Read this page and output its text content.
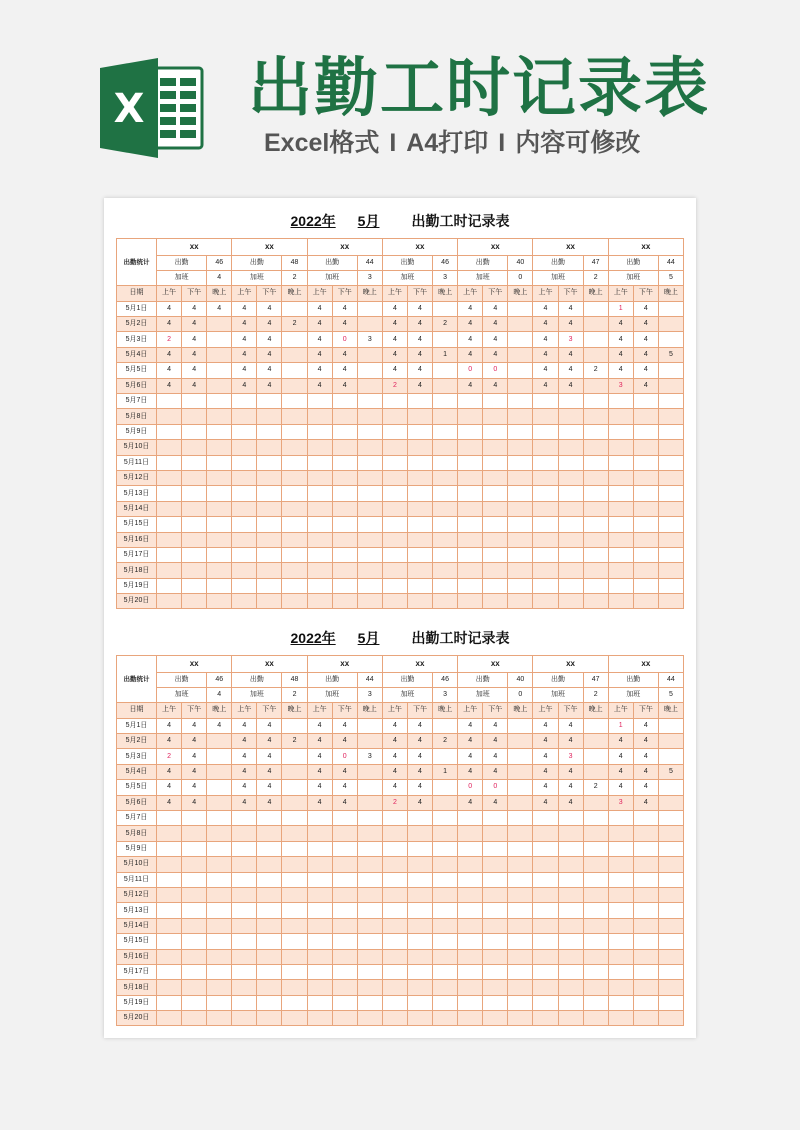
X 出勤工时记录表
Excel格式 I A4打印 I 内容可修改
2022年 5月 出勤工时记录表
出勤统计	xx			xx			xx			xx			xx			xx			xx		
	出勤		46	出勤		48	出勤		44	出勤		46	出勤		40	出勤		47	出勤		44
	加班		4	加班		2	加班		3	加班		3	加班		0	加班		2	加班		5
日期	上午	下午	晚上	上午	下午	晚上	上午	下午	晚上	上午	下午	晚上	上午	下午	晚上	上午	下午	晚上	上午	下午	晚上
5月1日	4	4	4	4	4		4	4		4	4		4	4		4	4		1	4	
5月2日	4	4		4	4	2	4	4		4	4	2	4	4		4	4		4	4	
5月3日	2	4		4	4		4	0	3	4	4		4	4		4	3		4	4	
5月4日	4	4		4	4		4	4		4	4	1	4	4		4	4		4	4	5
5月5日	4	4		4	4		4	4		4	4		0	0		4	4	2	4	4	
5月6日	4	4		4	4		4	4		2	4		4	4		4	4		3	4	
5月7日																					
5月8日																					
5月9日																					
5月10日																					
5月11日																					
5月12日																					
5月13日																					
5月14日																					
5月15日																					
5月16日																					
5月17日																					
5月18日																					
5月19日																					
5月20日																					
2022年 5月 出勤工时记录表
出勤统计	xx			xx			xx			xx			xx			xx			xx		
	出勤		46	出勤		48	出勤		44	出勤		46	出勤		40	出勤		47	出勤		44
	加班		4	加班		2	加班		3	加班		3	加班		0	加班		2	加班		5
日期	上午	下午	晚上	上午	下午	晚上	上午	下午	晚上	上午	下午	晚上	上午	下午	晚上	上午	下午	晚上	上午	下午	晚上
5月1日	4	4	4	4	4		4	4		4	4		4	4		4	4		1	4	
5月2日	4	4		4	4	2	4	4		4	4	2	4	4		4	4		4	4	
5月3日	2	4		4	4		4	0	3	4	4		4	4		4	3		4	4	
5月4日	4	4		4	4		4	4		4	4	1	4	4		4	4		4	4	5
5月5日	4	4		4	4		4	4		4	4		0	0		4	4	2	4	4	
5月6日	4	4		4	4		4	4		2	4		4	4		4	4		3	4	
5月7日																					
5月8日																					
5月9日																					
5月10日																					
5月11日																					
5月12日																					
5月13日																					
5月14日																					
5月15日																					
5月16日																					
5月17日																					
5月18日																					
5月19日																					
5月20日																					
